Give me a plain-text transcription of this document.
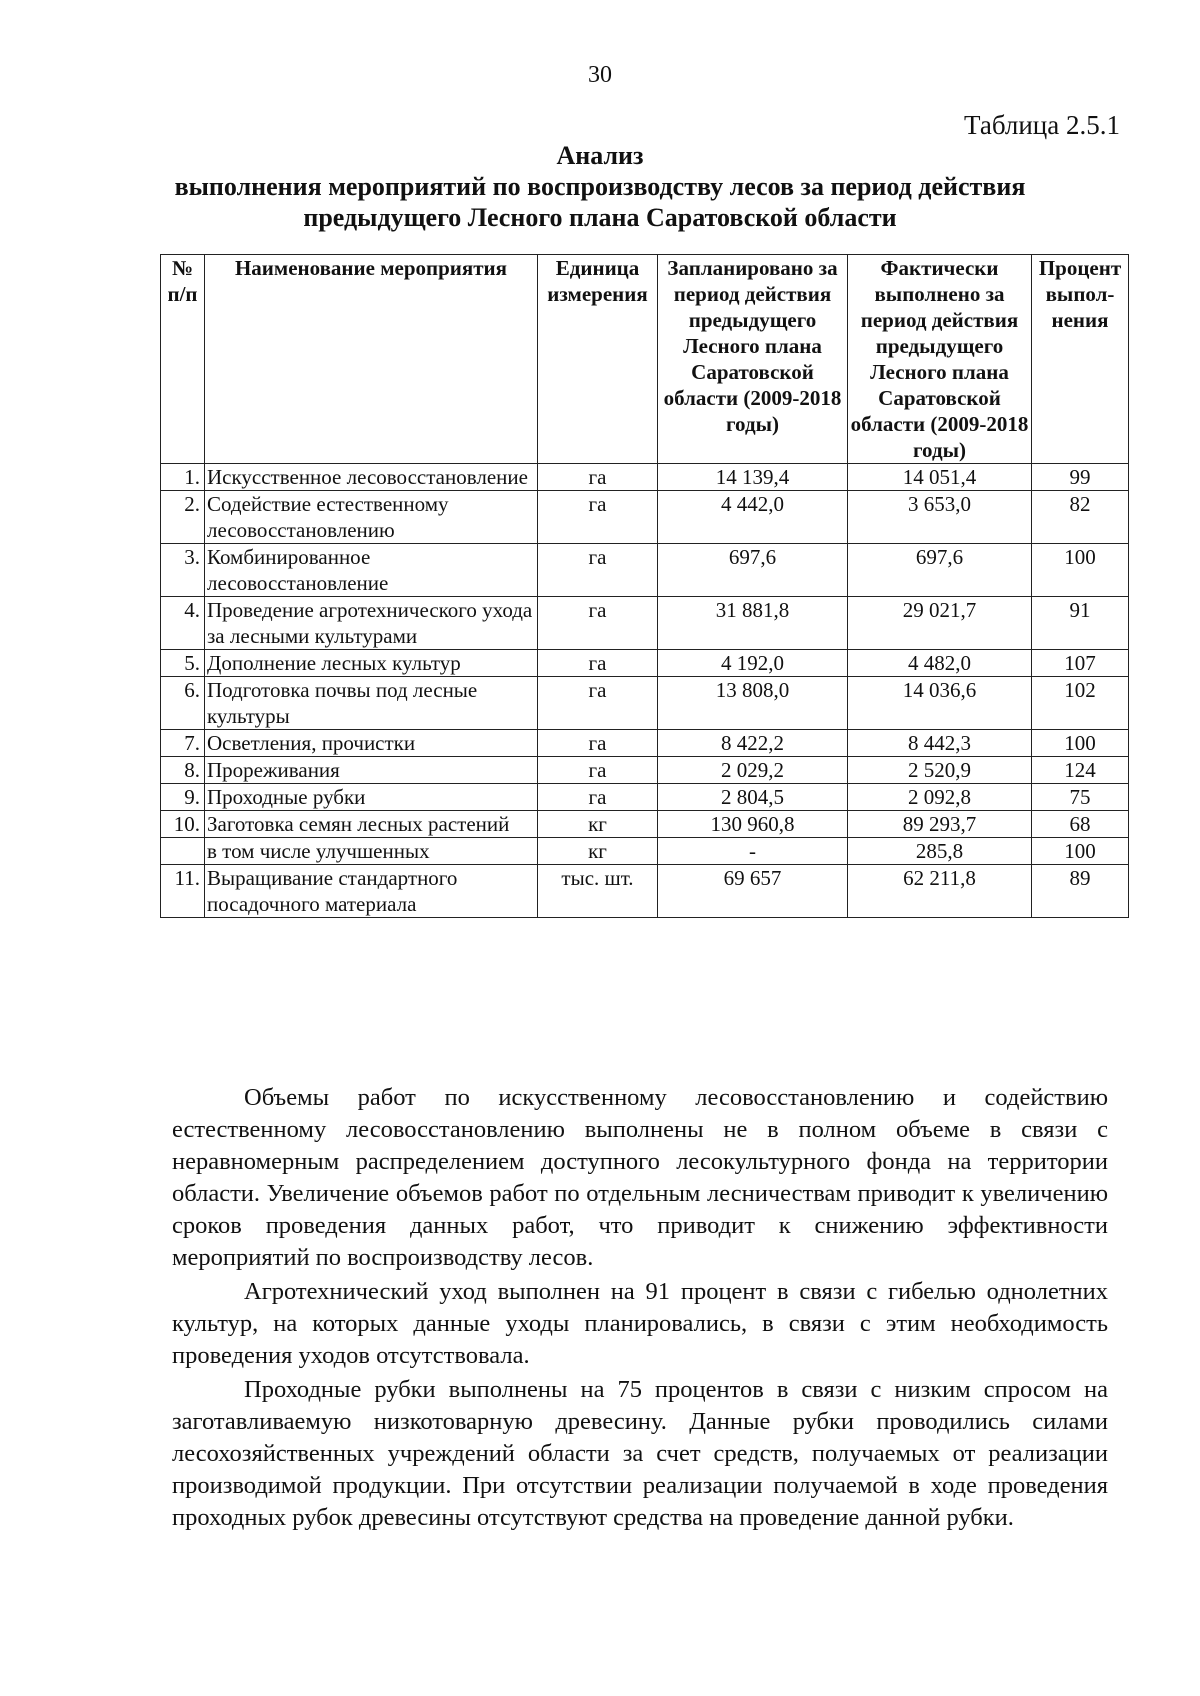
30
Таблица 2.5.1
Анализ
выполнения мероприятий по воспроизводству лесов за период действия
предыдущего Лесного плана Саратовской области
№ п/п	Наименование мероприятия	Единица измерения	Запланировано за период действия предыдущего Лесного плана Саратовской области (2009-2018 годы)	Фактически выполнено за период действия предыдущего Лесного плана Саратовской области (2009-2018 годы)	Процент выпол-нения
1.	Искусственное лесовосстановление	га	14 139,4	14 051,4	99
2.	Содействие естественному лесовосстановлению	га	4 442,0	3 653,0	82
3.	Комбинированное лесовосстановление	га	697,6	697,6	100
4.	Проведение агротехнического ухода за лесными культурами	га	31 881,8	29 021,7	91
5.	Дополнение лесных культур	га	4 192,0	4 482,0	107
6.	Подготовка почвы под лесные культуры	га	13 808,0	14 036,6	102
7.	Осветления, прочистки	га	8 422,2	8 442,3	100
8.	Прореживания	га	2 029,2	2 520,9	124
9.	Проходные рубки	га	2 804,5	2 092,8	75
10.	Заготовка семян лесных растений	кг	130 960,8	89 293,7	68
	в том числе улучшенных	кг	-	285,8	100
11.	Выращивание стандартного посадочного материала	тыс. шт.	69 657	62 211,8	89

Объемы работ по искусственному лесовосстановлению и содействию естественному лесовосстановлению выполнены не в полном объеме в связи с неравномерным распределением доступного лесокультурного фонда на территории области. Увеличение объемов работ по отдельным лесничествам приводит к увеличению сроков проведения данных работ, что приводит к снижению эффективности мероприятий по воспроизводству лесов.

Агротехнический уход выполнен на 91 процент в связи с гибелью однолетних культур, на которых данные уходы планировались, в связи с этим необходимость проведения уходов отсутствовала.

Проходные рубки выполнены на 75 процентов в связи с низким спросом на заготавливаемую низкотоварную древесину. Данные рубки проводились силами лесохозяйственных учреждений области за счет средств, получаемых от реализации производимой продукции. При отсутствии реализации получаемой в ходе проведения проходных рубок древесины отсутствуют средства на проведение данной рубки.
